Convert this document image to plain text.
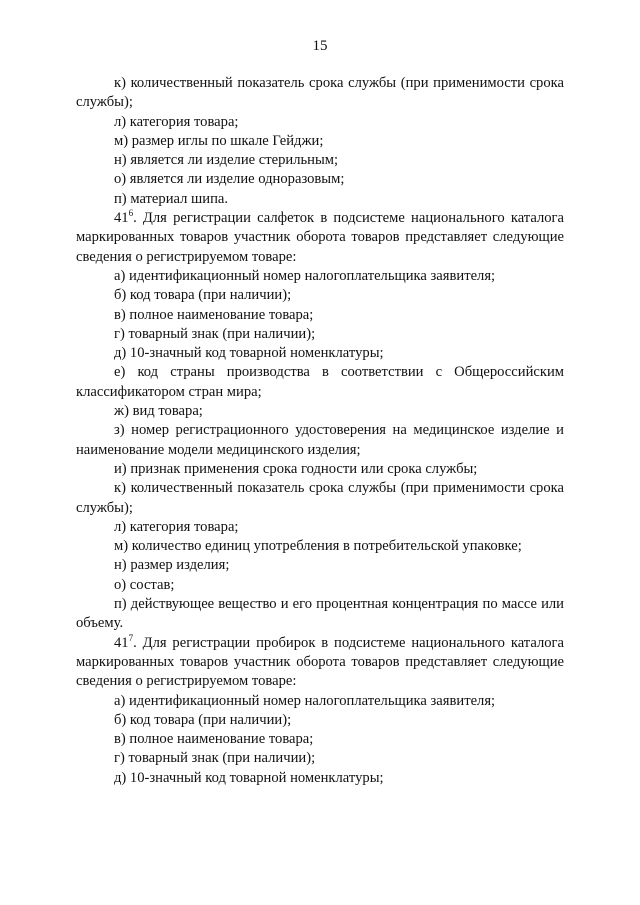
15

к) количественный показатель срока службы (при применимости срока службы);

л) категория товара;

м) размер иглы по шкале Гейджи;

н) является ли изделие стерильным;

о) является ли изделие одноразовым;

п) материал шипа.

$41^6$. Для регистрации салфеток в подсистеме национального каталога маркированных товаров участник оборота товаров представляет следующие сведения о регистрируемом товаре:

а) идентификационный номер налогоплательщика заявителя;

б) код товара (при наличии);

в) полное наименование товара;

г) товарный знак (при наличии);

д) 10-значный код товарной номенклатуры;

е) код страны производства в соответствии с Общероссийским классификатором стран мира;

ж) вид товара;

з) номер регистрационного удостоверения на медицинское изделие и наименование модели медицинского изделия;

и) признак применения срока годности или срока службы;

к) количественный показатель срока службы (при применимости срока службы);

л) категория товара;

м) количество единиц употребления в потребительской упаковке;

н) размер изделия;

о) состав;

п) действующее вещество и его процентная концентрация по массе или объему.

$41^7$. Для регистрации пробирок в подсистеме национального каталога маркированных товаров участник оборота товаров представляет следующие сведения о регистрируемом товаре:

а) идентификационный номер налогоплательщика заявителя;

б) код товара (при наличии);

в) полное наименование товара;

г) товарный знак (при наличии);

д) 10-значный код товарной номенклатуры;
